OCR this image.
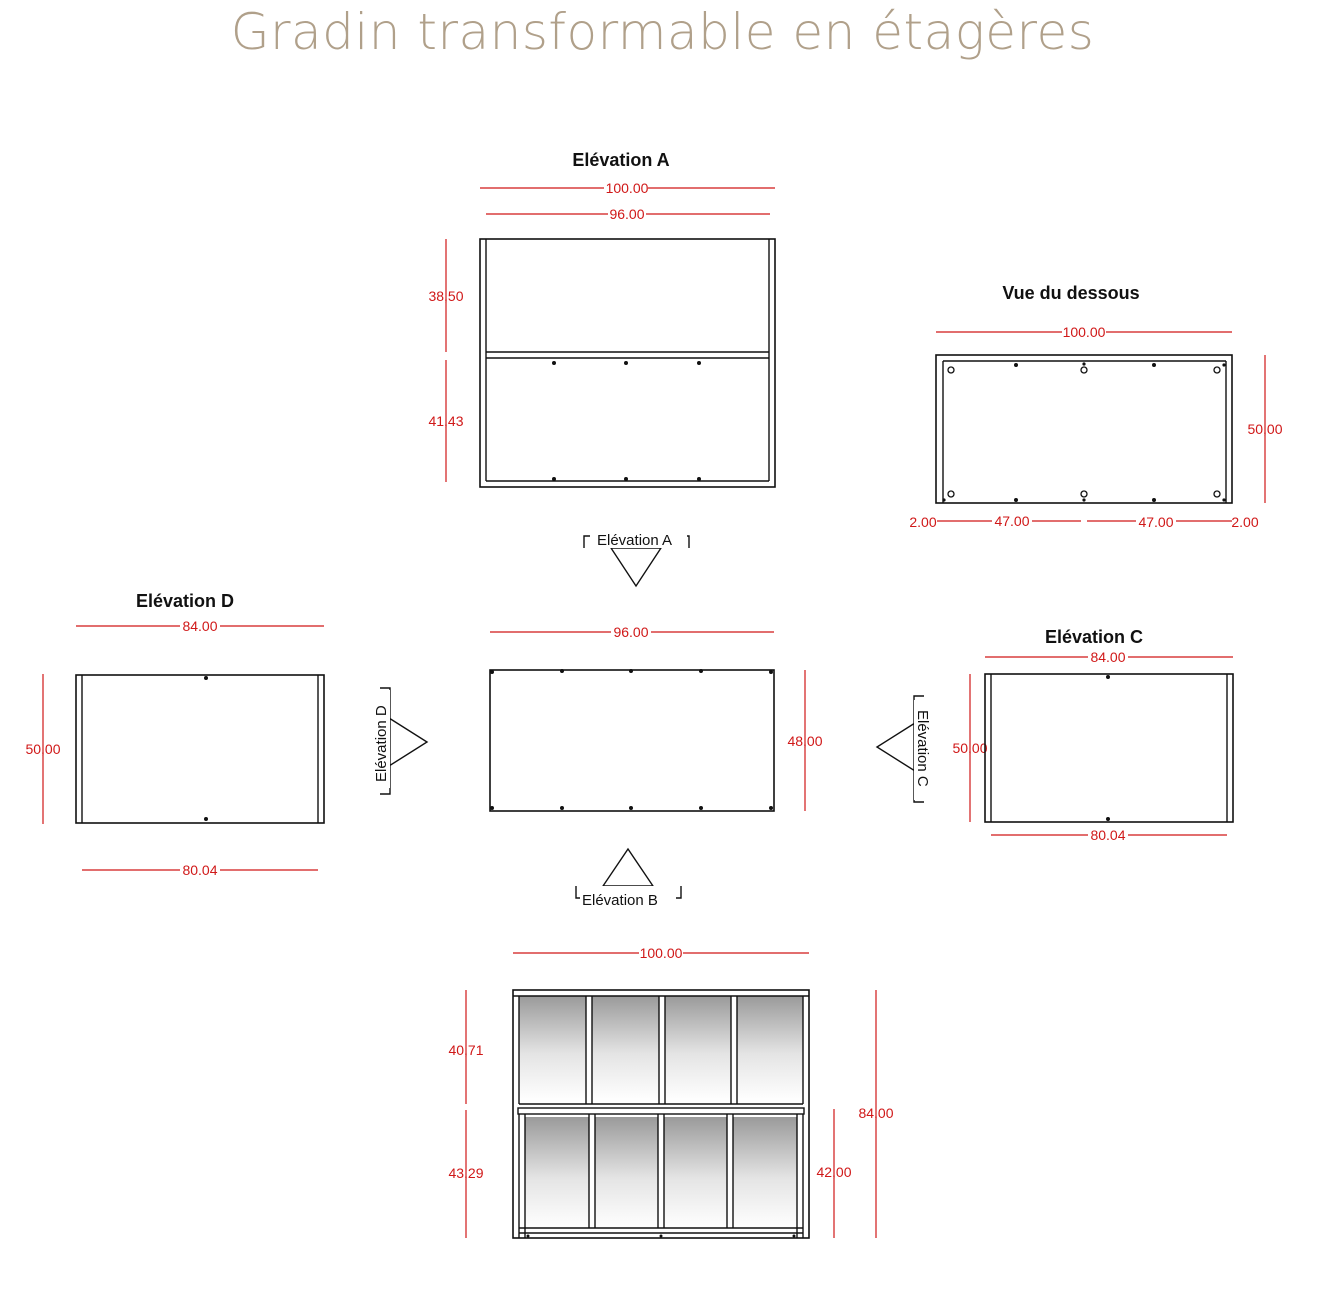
Gradin transformable en étagères
Elévation A
100.00
96.00
38,50
41,43
Vue du dessous
100.00
50,00
2.00	47.00	47.00	2.00
96.00
48,00
Elévation A
Elévation B
Elévation D	Elévation C
Elévation D
84.00
50,00
80.04
Elévation C
84.00
50,00
80.04
100.00
40,71
43,29
84,00
42,00
